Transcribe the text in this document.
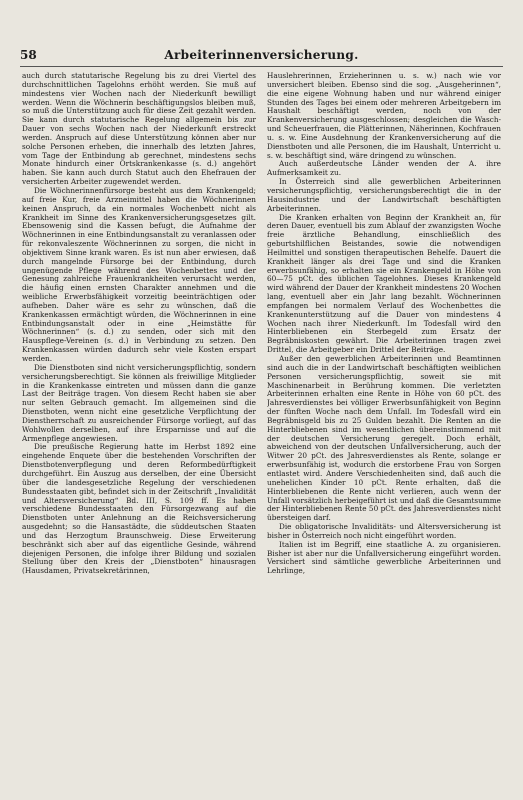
58	Arbeiterinnenversicherung.

auch durch statutarische Regelung bis zu drei Viertel des durchschnittlichen Tagelohns erhöht werden. Sie muß auf mindestens vier Wochen nach der Niederkunft bewilligt werden. Wenn die Wöchnerin beschäftigungslos bleiben muß, so muß die Unterstützung auch für diese Zeit gezahlt werden. Sie kann durch statutarische Regelung allgemein bis zur Dauer von sechs Wochen nach der Niederkunft erstreckt werden. Anspruch auf diese Unterstützung können aber nur solche Personen erheben, die innerhalb des letzten Jahres, vom Tage der Entbindung ab gerechnet, mindestens sechs Monate hindurch einer Ortskrankenkasse (s. d.) angehört haben. Sie kann auch durch Statut auch den Ehefrauen der versicherten Arbeiter zugewendet werden.

Die Wöchnerinnenfürsorge besteht aus dem Krankengeld; auf freie Kur, freie Arzneimittel haben die Wöchnerinnen keinen Anspruch, da ein normales Wochenbett nicht als Krankheit im Sinne des Krankenversicherungsgesetzes gilt. Ebensowenig sind die Kassen befugt, die Aufnahme der Wöchnerinnen in eine Entbindungsanstalt zu veranlassen oder für rekonvaleszente Wöchnerinnen zu sorgen, die nicht in objektivem Sinne krank waren. Es ist nun aber erwiesen, daß durch mangelnde Fürsorge bei der Entbindung, durch ungenügende Pflege während des Wochenbettes und der Genesung zahlreiche Frauenkrankheiten verursacht werden, die häufig einen ernsten Charakter annehmen und die weibliche Erwerbsfähigkeit vorzeitig beeinträchtigen oder aufheben. Daher wäre es sehr zu wünschen, daß die Krankenkassen ermächtigt würden, die Wöchnerinnen in eine Entbindungsanstalt oder in eine „Heimstätte für Wöchnerinnen“ (s. d.) zu senden, oder sich mit den Hauspflege-Vereinen (s. d.) in Verbindung zu setzen. Den Krankenkassen würden dadurch sehr viele Kosten erspart werden.

Die Dienstboten sind nicht versicherungspflichtig, sondern versicherungsberechtigt. Sie können als freiwillige Mitglieder in die Krankenkasse eintreten und müssen dann die ganze Last der Beiträge tragen. Von diesem Recht haben sie aber nur selten Gebrauch gemacht. Im allgemeinen sind die Dienstboten, wenn nicht eine gesetzliche Verpflichtung der Dienstherrschaft zu ausreichender Fürsorge vorliegt, auf das Wohlwollen derselben, auf ihre Ersparnisse und auf die Armenpflege angewiesen.

Die preußische Regierung hatte im Herbst 1892 eine eingehende Enquete über die bestehenden Vorschriften der Dienstbotenverpflegung und deren Reformbedürftigkeit durchgeführt. Ein Auszug aus derselben, der eine Übersicht über die landesgesetzliche Regelung der verschiedenen Bundesstaaten gibt, befindet sich in der Zeitschrift „Invalidität und Altersversicherung“ Bd. III, S. 109 ff. Es haben verschiedene Bundesstaaten den Fürsorgezwang auf die Dienstboten unter Anlehnung an die Reichsversicherung ausgedehnt; so die Hansastädte, die süddeutschen Staaten und das Herzogtum Braunschweig. Diese Erweiterung beschränkt sich aber auf das eigentliche Gesinde, während diejenigen Personen, die infolge ihrer Bildung und sozialen Stellung über den Kreis der „Dienstboten“ hinausragen (Hausdamen, Privatsekretärinnen,

Hauslehrerinnen, Erzieherinnen u. s. w.) nach wie vor unversichert bleiben. Ebenso sind die sog. „Ausgeherinnen“, die eine eigene Wohnung haben und nur während einiger Stunden des Tages bei einem oder mehreren Arbeitgebern im Haushalt beschäftigt werden, noch von der Krankenversicherung ausgeschlossen; desgleichen die Wasch- und Scheuerfrauen, die Plätterinnen, Näherinnen, Kochfrauen u. s. w. Eine Ausdehnung der Krankenversicherung auf die Dienstboten und alle Personen, die im Haushalt, Unterricht u. s. w. beschäftigt sind, wäre dringend zu wünschen.

Auch außerdeutsche Länder wenden der A. ihre Aufmerksamkeit zu.

In Österreich sind alle gewerblichen Arbeiterinnen versicherungspflichtig, versicherungsberechtigt die in der Hausindustrie und der Landwirtschaft beschäftigten Arbeiterinnen.

Die Kranken erhalten von Beginn der Krankheit an, für deren Dauer, eventuell bis zum Ablauf der zwanzigsten Woche freie ärztliche Behandlung, einschließlich des geburtshilflichen Beistandes, sowie die notwendigen Heilmittel und sonstigen therapeutischen Behelfe. Dauert die Krankheit länger als drei Tage und sind die Kranken erwerbsunfähig, so erhalten sie ein Krankengeld in Höhe von 60—75 pCt. des üblichen Tagelohnes. Dieses Krankengeld wird während der Dauer der Krankheit mindestens 20 Wochen lang, eventuell aber ein Jahr lang bezahlt. Wöchnerinnen empfangen bei normalem Verlauf des Wochenbettes die Krankenunterstützung auf die Dauer von mindestens 4 Wochen nach ihrer Niederkunft. Im Todesfall wird den Hinterbliebenen ein Sterbegeld zum Ersatz der Begräbniskosten gewährt. Die Arbeiterinnen tragen zwei Drittel, die Arbeitgeber ein Drittel der Beiträge.

Außer den gewerblichen Arbeiterinnen und Beamtinnen sind auch die in der Landwirtschaft beschäftigten weiblichen Personen versicherungspflichtig, soweit sie mit Maschinenarbeit in Berührung kommen. Die verletzten Arbeiterinnen erhalten eine Rente in Höhe von 60 pCt. des Jahresverdienstes bei völliger Erwerbsunfähigkeit von Beginn der fünften Woche nach dem Unfall. Im Todesfall wird ein Begräbnisgeld bis zu 25 Gulden bezahlt. Die Renten an die Hinterbliebenen sind im wesentlichen übereinstimmend mit der deutschen Versicherung geregelt. Doch erhält, abweichend von der deutschen Unfallversicherung, auch der Witwer 20 pCt. des Jahresverdienstes als Rente, solange er erwerbsunfähig ist, wodurch die erstorbene Frau von Sorgen entlastet wird. Andere Verschiedenheiten sind, daß auch die unehelichen Kinder 10 pCt. Rente erhalten, daß die Hinterbliebenen die Rente nicht verlieren, auch wenn der Unfall vorsätzlich herbeigeführt ist und daß die Gesamtsumme der Hinterbliebenen Rente 50 pCt. des Jahresverdienstes nicht übersteigen darf.

Die obligatorische Invaliditäts- und Altersversicherung ist bisher in Österreich noch nicht eingeführt worden.

Italien ist im Begriff, eine staatliche A. zu organisieren. Bisher ist aber nur die Unfallversicherung eingeführt worden. Versichert sind sämtliche gewerbliche Arbeiterinnen und Lehrlinge,
